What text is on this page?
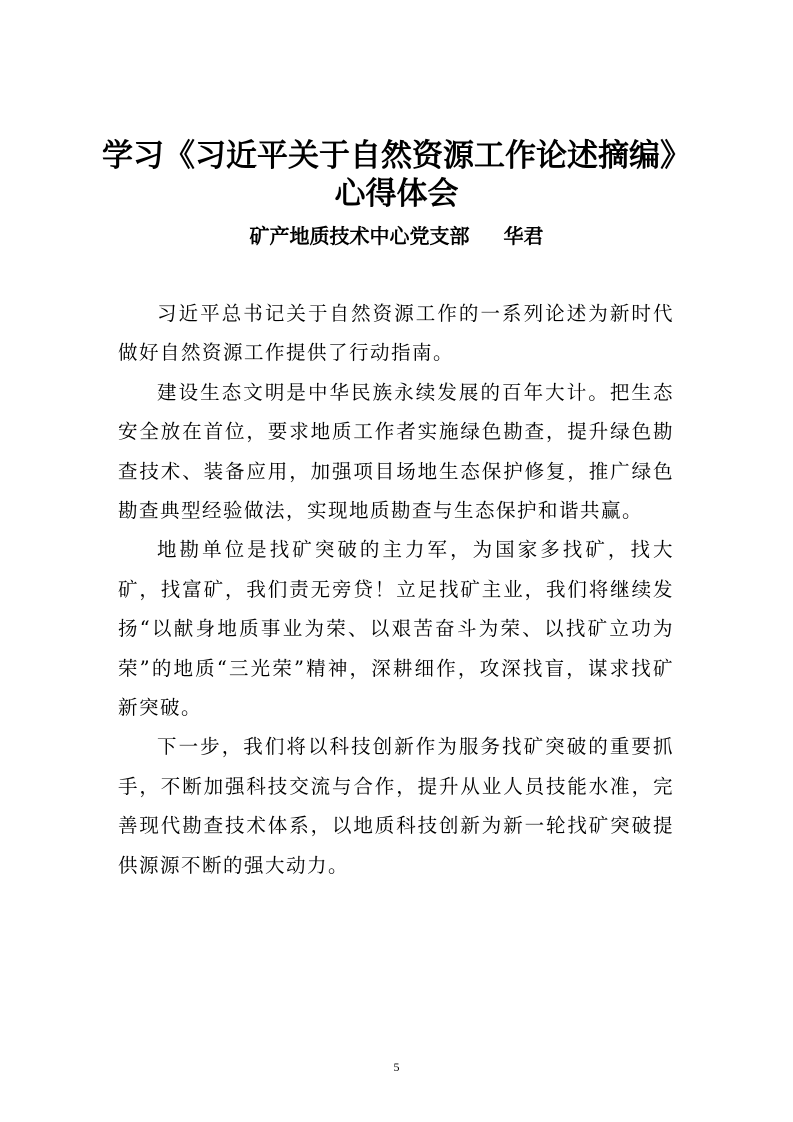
学习《习近平关于自然资源工作论述摘编》
心得体会
矿产地质技术中心党支部 华君

习近平总书记关于自然资源工作的一系列论述为新时代做好自然资源工作提供了行动指南。

建设生态文明是中华民族永续发展的百年大计。把生态安全放在首位，要求地质工作者实施绿色勘查，提升绿色勘查技术、装备应用，加强项目场地生态保护修复，推广绿色勘查典型经验做法，实现地质勘查与生态保护和谐共赢。

地勘单位是找矿突破的主力军，为国家多找矿，找大矿，找富矿，我们责无旁贷！立足找矿主业，我们将继续发扬“以献身地质事业为荣、以艰苦奋斗为荣、以找矿立功为荣”的地质“三光荣”精神，深耕细作，攻深找盲，谋求找矿新突破。

下一步，我们将以科技创新作为服务找矿突破的重要抓手，不断加强科技交流与合作，提升从业人员技能水准，完善现代勘查技术体系，以地质科技创新为新一轮找矿突破提供源源不断的强大动力。

5
